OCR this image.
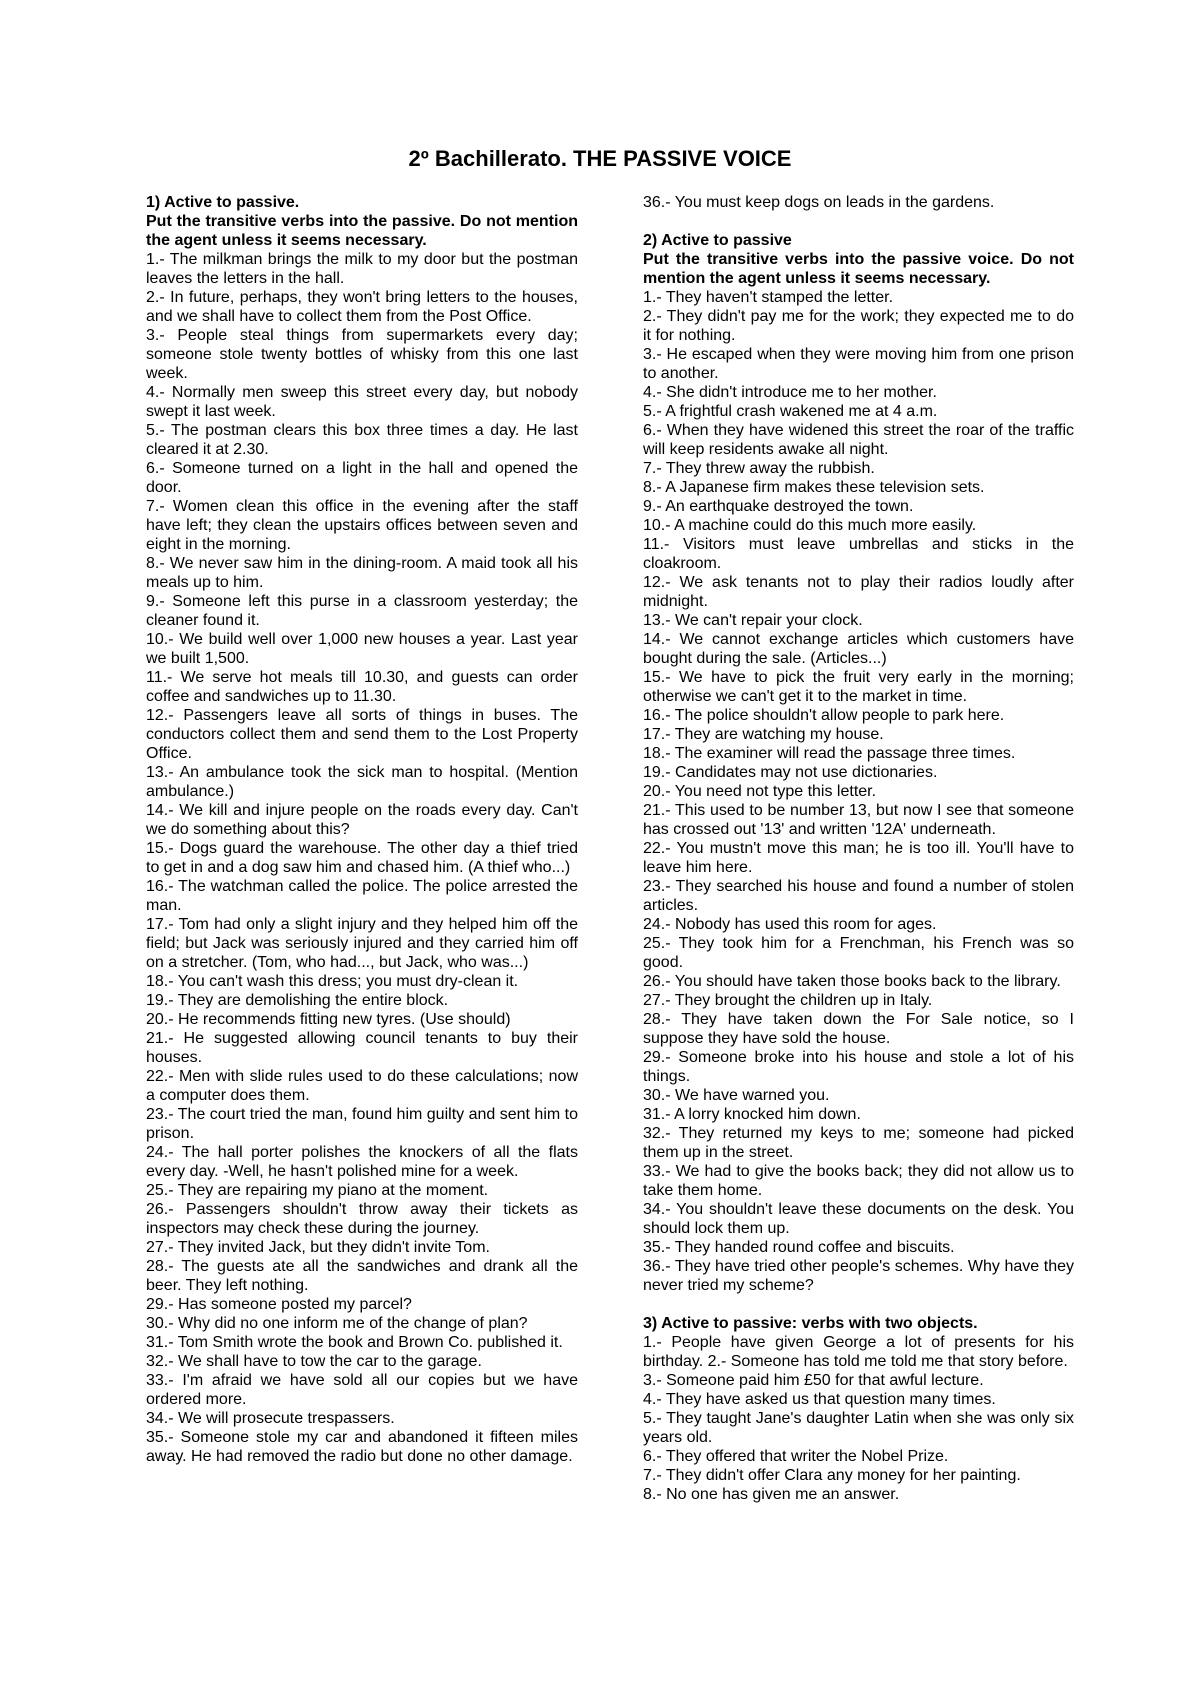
2º Bachillerato. THE PASSIVE VOICE

1) Active to passive.

Put the transitive verbs into the passive. Do not mention the agent unless it seems necessary.

1.- The milkman brings the milk to my door but the postman leaves the letters in the hall.
2.- In future, perhaps, they won't bring letters to the houses, and we shall have to collect them from the Post Office.
3.- People steal things from supermarkets every day; someone stole twenty bottles of whisky from this one last week.
4.- Normally men sweep this street every day, but nobody swept it last week.
5.- The postman clears this box three times a day. He last cleared it at 2.30.
6.- Someone turned on a light in the hall and opened the door.
7.- Women clean this office in the evening after the staff have left; they clean the upstairs offices between seven and eight in the morning.
8.- We never saw him in the dining-room. A maid took all his meals up to him.
9.- Someone left this purse in a classroom yesterday; the cleaner found it.
10.- We build well over 1,000 new houses a year. Last year we built 1,500.
11.- We serve hot meals till 10.30, and guests can order coffee and sandwiches up to 11.30.
12.- Passengers leave all sorts of things in buses. The conductors collect them and send them to the Lost Property Office.
13.- An ambulance took the sick man to hospital. (Mention ambulance.)
14.- We kill and injure people on the roads every day. Can't we do something about this?
15.- Dogs guard the warehouse. The other day a thief tried to get in and a dog saw him and chased him. (A thief who...)
16.- The watchman called the police. The police arrested the man.
17.- Tom had only a slight injury and they helped him off the field; but Jack was seriously injured and they carried him off on a stretcher. (Tom, who had..., but Jack, who was...)
18.- You can't wash this dress; you must dry-clean it.
19.- They are demolishing the entire block.
20.- He recommends fitting new tyres. (Use should)
21.- He suggested allowing council tenants to buy their houses.
22.- Men with slide rules used to do these calculations; now a computer does them.
23.- The court tried the man, found him guilty and sent him to prison.
24.- The hall porter polishes the knockers of all the flats every day. -Well, he hasn't polished mine for a week.
25.- They are repairing my piano at the moment.
26.- Passengers shouldn't throw away their tickets as inspectors may check these during the journey.
27.- They invited Jack, but they didn't invite Tom.
28.- The guests ate all the sandwiches and drank all the beer. They left nothing.
29.- Has someone posted my parcel?
30.- Why did no one inform me of the change of plan?
31.- Tom Smith wrote the book and Brown Co. published it.
32.- We shall have to tow the car to the garage.
33.- I'm afraid we have sold all our copies but we have ordered more.
34.- We will prosecute trespassers.
35.- Someone stole my car and abandoned it fifteen miles away. He had removed the radio but done no other damage.

36.- You must keep dogs on leads in the gardens.

2) Active to passive

Put the transitive verbs into the passive voice. Do not mention the agent unless it seems necessary.

1.- They haven't stamped the letter.
2.- They didn't pay me for the work; they expected me to do it for nothing.
3.- He escaped when they were moving him from one prison to another.
4.- She didn't introduce me to her mother.
5.- A frightful crash wakened me at 4 a.m.
6.- When they have widened this street the roar of the traffic will keep residents awake all night.
7.- They threw away the rubbish.
8.- A Japanese firm makes these television sets.
9.- An earthquake destroyed the town.
10.- A machine could do this much more easily.
11.- Visitors must leave umbrellas and sticks in the cloakroom.
12.- We ask tenants not to play their radios loudly after midnight.
13.- We can't repair your clock.
14.- We cannot exchange articles which customers have bought during the sale. (Articles...)
15.- We have to pick the fruit very early in the morning; otherwise we can't get it to the market in time.
16.- The police shouldn't allow people to park here.
17.- They are watching my house.
18.- The examiner will read the passage three times.
19.- Candidates may not use dictionaries.
20.- You need not type this letter.
21.- This used to be number 13, but now I see that someone has crossed out '13' and written '12A' underneath.
22.- You mustn't move this man; he is too ill. You'll have to leave him here.
23.- They searched his house and found a number of stolen articles.
24.- Nobody has used this room for ages.
25.- They took him for a Frenchman, his French was so good.
26.- You should have taken those books back to the library.
27.- They brought the children up in Italy.
28.- They have taken down the For Sale notice, so I suppose they have sold the house.
29.- Someone broke into his house and stole a lot of his things.
30.- We have warned you.
31.- A lorry knocked him down.
32.- They returned my keys to me; someone had picked them up in the street.
33.- We had to give the books back; they did not allow us to take them home.
34.- You shouldn't leave these documents on the desk. You should lock them up.
35.- They handed round coffee and biscuits.
36.- They have tried other people's schemes. Why have they never tried my scheme?

3) Active to passive: verbs with two objects.

1.- People have given George a lot of presents for his birthday. 2.- Someone has told me told me that story before.
3.- Someone paid him £50 for that awful lecture.
4.- They have asked us that question many times.
5.- They taught Jane's daughter Latin when she was only six years old.
6.- They offered that writer the Nobel Prize.
7.- They didn't offer Clara any money for her painting.
8.- No one has given me an answer.
